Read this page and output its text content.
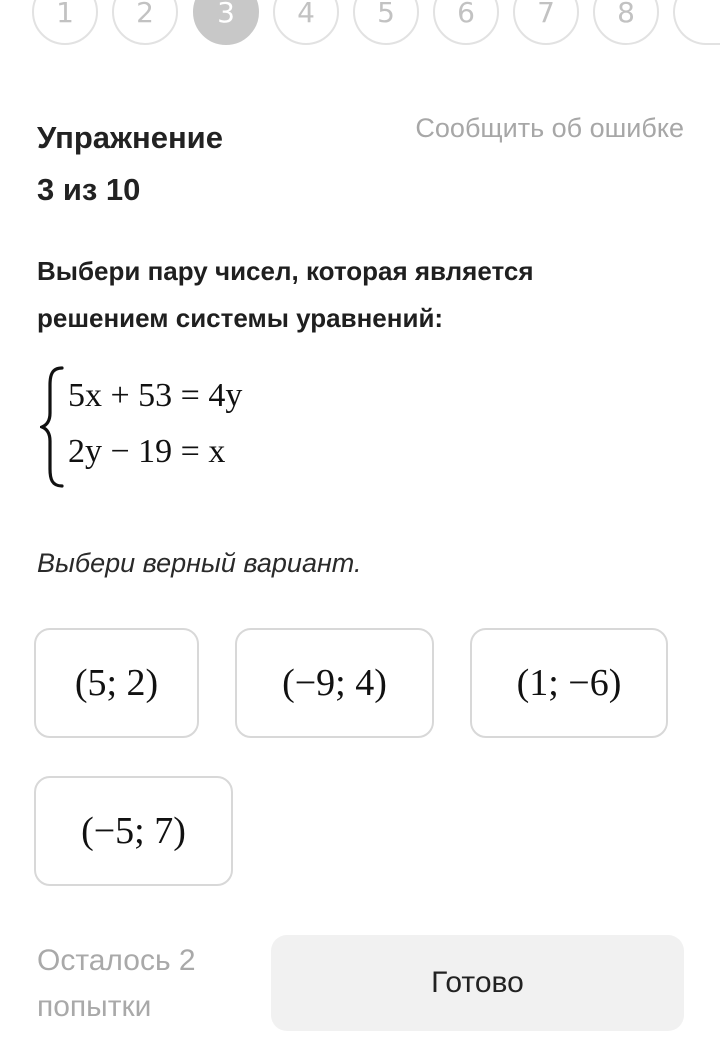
1	2	3	4	5	6	7	8
Упражнение
3 из 10
Сообщить об ошибке
Выбери пару чисел, которая является
решением системы уравнений:
5x + 53 = 4y
2y − 19 = x
Выбери верный вариант.
(5; 2)	(−9; 4)	(1; −6)
(−5; 7)
Осталось 2
попытки
Готово
